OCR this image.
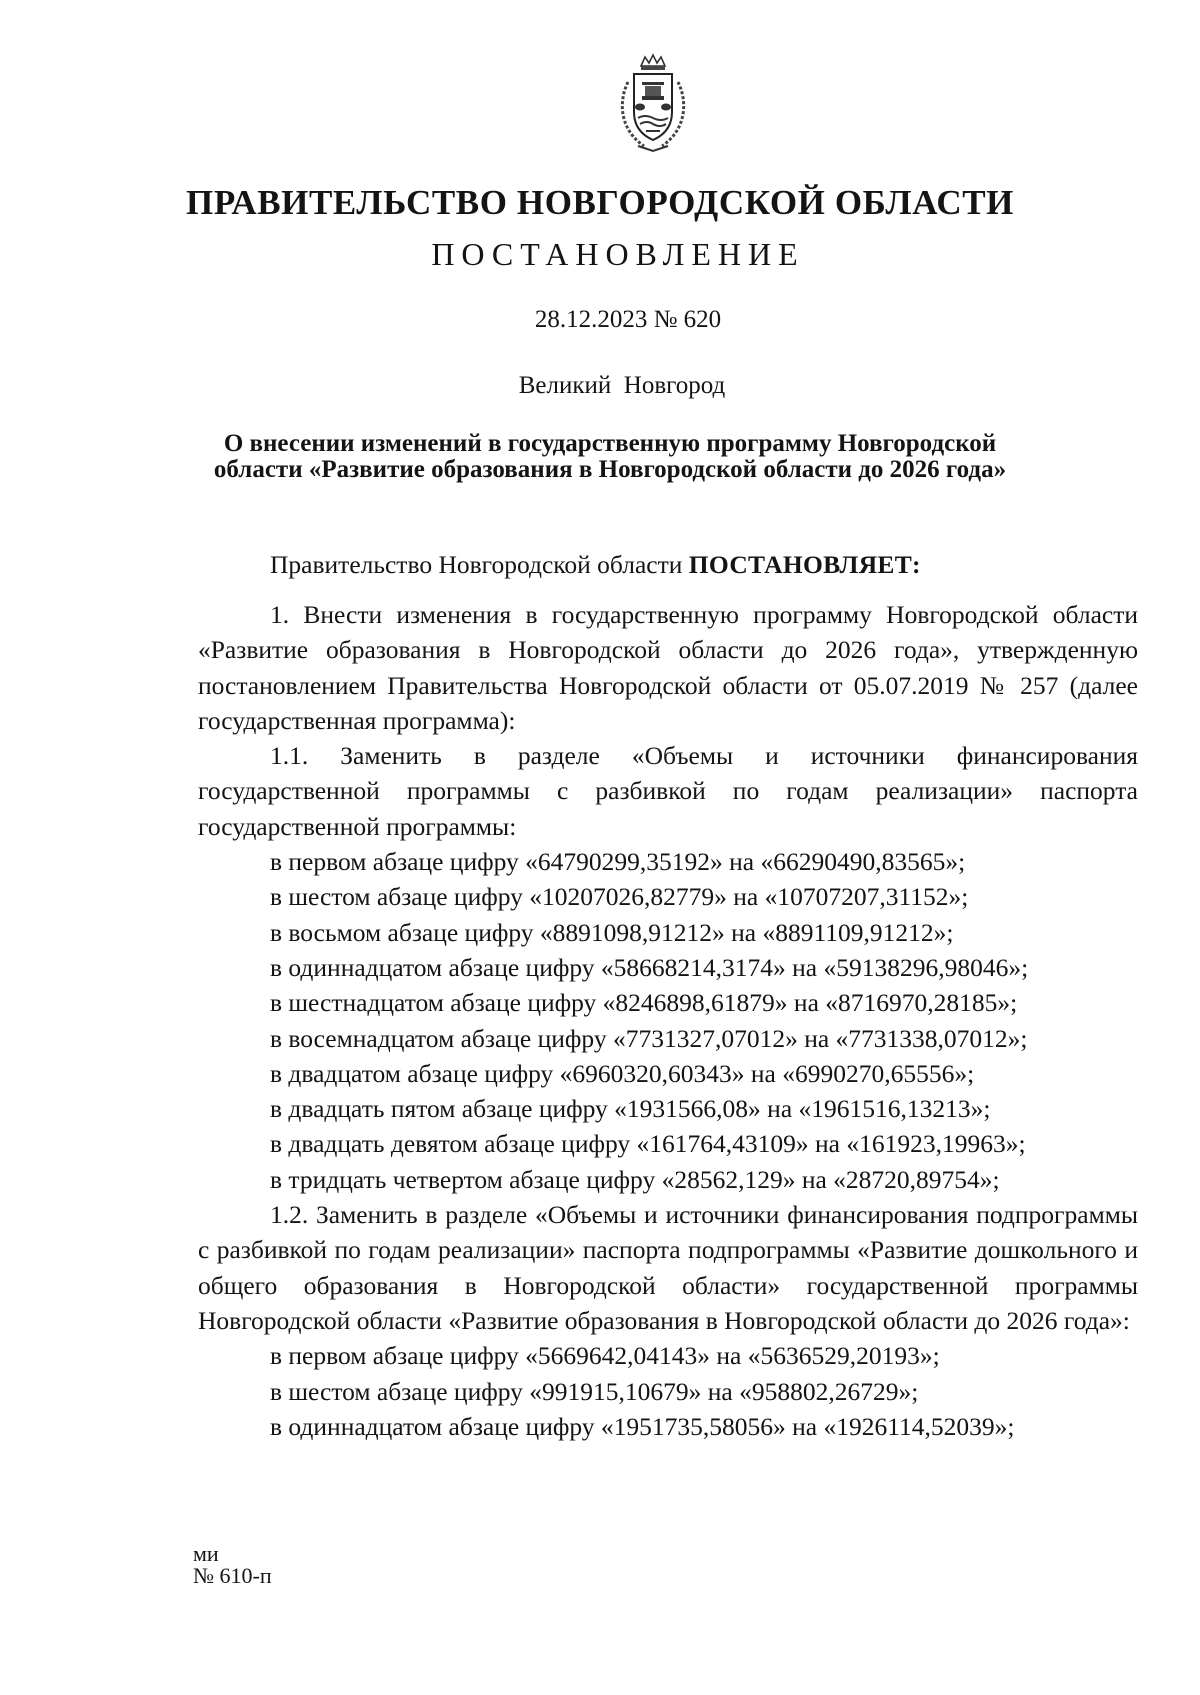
ПРАВИТЕЛЬСТВО НОВГОРОДСКОЙ ОБЛАСТИ
ПОСТАНОВЛЕНИЕ
28.12.2023 № 620
Великий  Новгород
О внесении изменений в государственную программу Новгородской
области «Развитие образования в Новгородской области до 2026 года»
Правительство Новгородской области ПОСТАНОВЛЯЕТ:

1. Внести изменения в государственную программу Новгородской области «Развитие образования в Новгородской области до 2026 года», утвержденную постановлением Правительства Новгородской области от 05.07.2019 № 257 (далее государственная программа):

1.1. Заменить в разделе «Объемы и источники финансирования государственной программы с разбивкой по годам реализации» паспорта государственной программы:

в первом абзаце цифру «64790299,35192» на «66290490,83565»;

в шестом абзаце цифру «10207026,82779» на «10707207,31152»;

в восьмом абзаце цифру «8891098,91212» на «8891109,91212»;

в одиннадцатом абзаце цифру «58668214,3174» на «59138296,98046»;

в шестнадцатом абзаце цифру «8246898,61879» на «8716970,28185»;

в восемнадцатом абзаце цифру «7731327,07012» на «7731338,07012»;

в двадцатом абзаце цифру «6960320,60343» на «6990270,65556»;

в двадцать пятом абзаце цифру «1931566,08» на «1961516,13213»;

в двадцать девятом абзаце цифру «161764,43109» на «161923,19963»;

в тридцать четвертом абзаце цифру «28562,129» на «28720,89754»;

1.2. Заменить в разделе «Объемы и источники финансирования подпрограммы с разбивкой по годам реализации» паспорта подпрограммы «Развитие дошкольного и общего образования в Новгородской области» государственной программы Новгородской области «Развитие образования в Новгородской области до 2026 года»:

в первом абзаце цифру «5669642,04143» на «5636529,20193»;

в шестом абзаце цифру «991915,10679» на «958802,26729»;

в одиннадцатом абзаце цифру «1951735,58056» на «1926114,52039»;

ми
№ 610-п
